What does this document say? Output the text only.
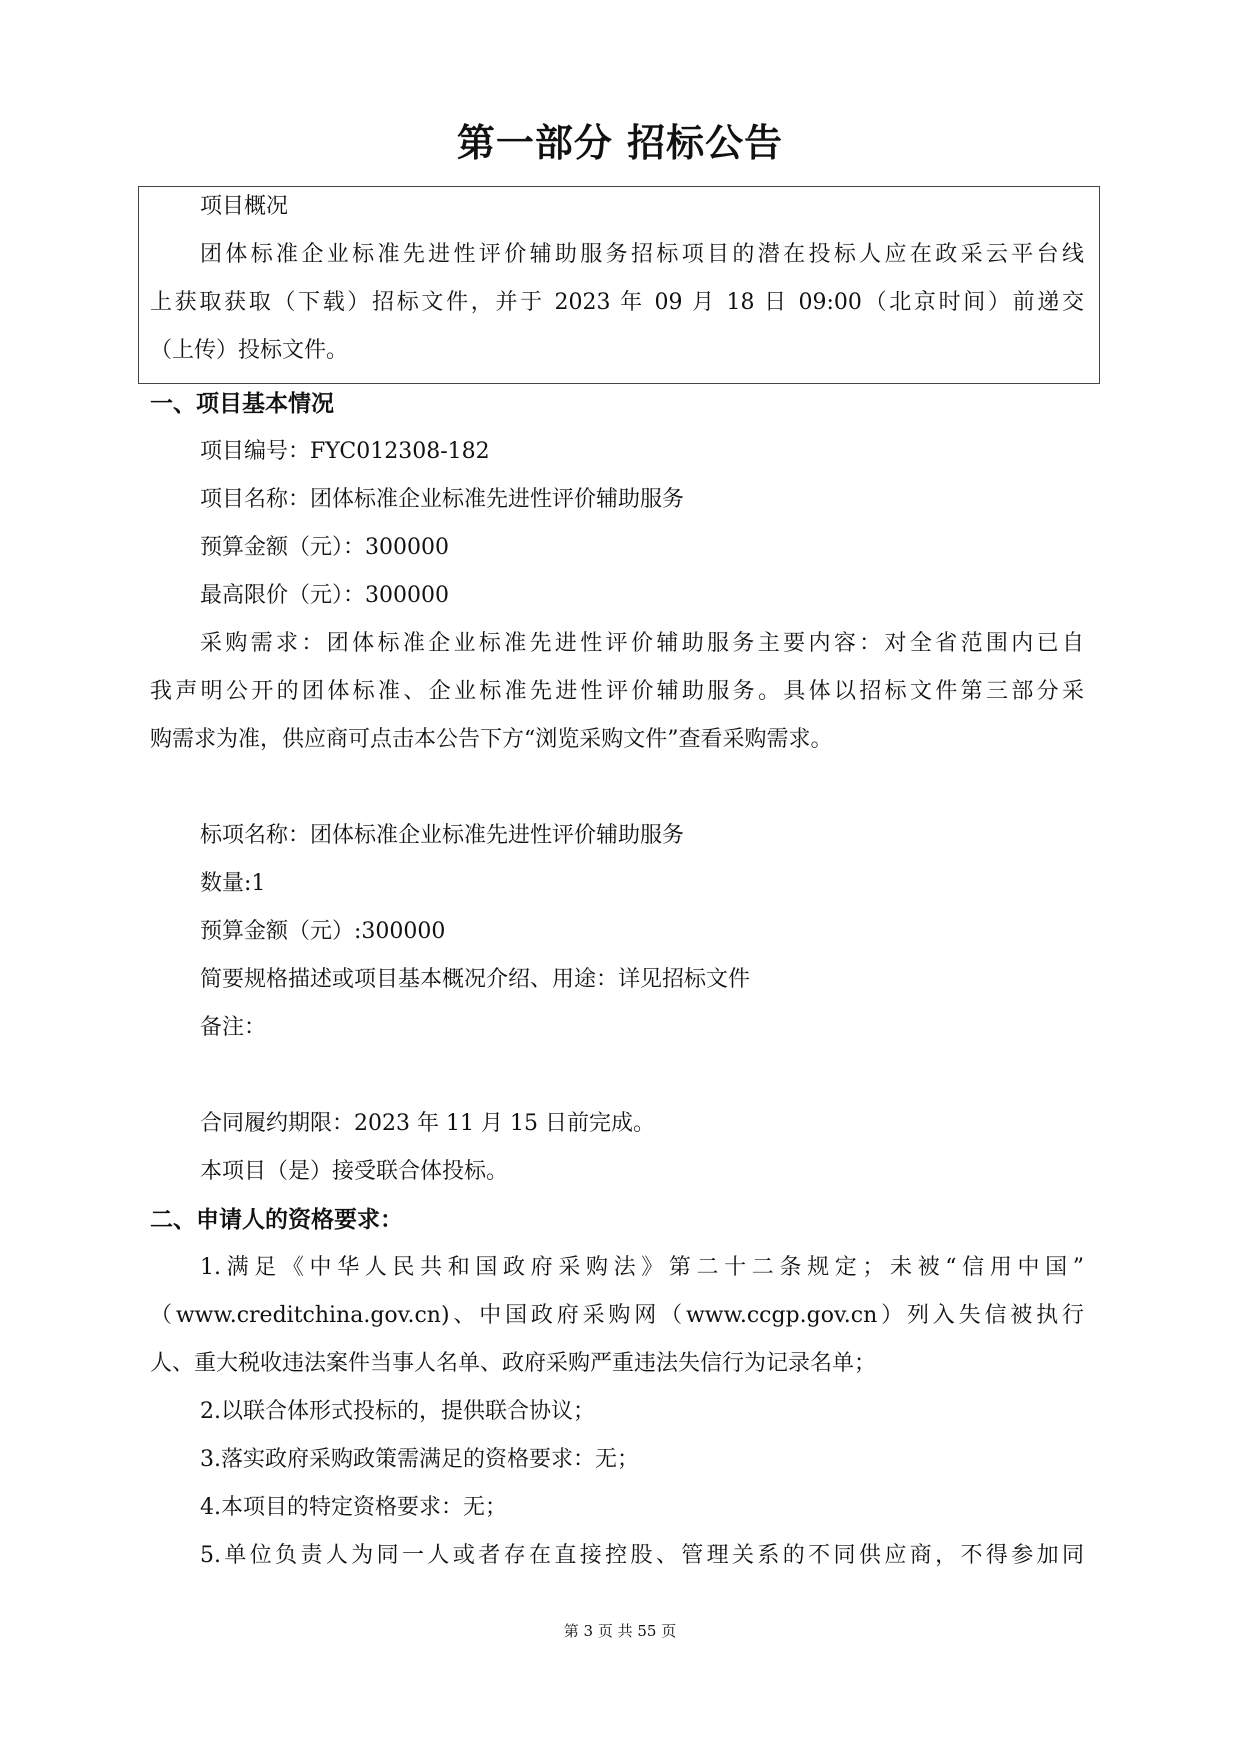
第一部分 招标公告
项目概况
团体标准企业标准先进性评价辅助服务招标项目的潜在投标人应在政采云平台线
上获取获取（下载）招标文件，并于 2023 年 09 月 18 日 09:00（北京时间）前递交
（上传）投标文件。
一、项目基本情况
项目编号：FYC012308-182
项目名称：团体标准企业标准先进性评价辅助服务
预算金额（元）：300000
最高限价（元）：300000
采购需求：团体标准企业标准先进性评价辅助服务主要内容：对全省范围内已自
我声明公开的团体标准、企业标准先进性评价辅助服务。具体以招标文件第三部分采
购需求为准，供应商可点击本公告下方“浏览采购文件”查看采购需求。
标项名称：团体标准企业标准先进性评价辅助服务
数量:1
预算金额（元）:300000
简要规格描述或项目基本概况介绍、用途：详见招标文件
备注：
合同履约期限：2023 年 11 月 15 日前完成。
本项目（是）接受联合体投标。
二、申请人的资格要求：
1.满足《中华人民共和国政府采购法》第二十二条规定；未被“信用中国”
（www.creditchina.gov.cn)、中国政府采购网（www.ccgp.gov.cn）列入失信被执行
人、重大税收违法案件当事人名单、政府采购严重违法失信行为记录名单；
2.以联合体形式投标的，提供联合协议；
3.落实政府采购政策需满足的资格要求：无；
4.本项目的特定资格要求：无；
5.单位负责人为同一人或者存在直接控股、管理关系的不同供应商，不得参加同
第 3 页 共 55 页
